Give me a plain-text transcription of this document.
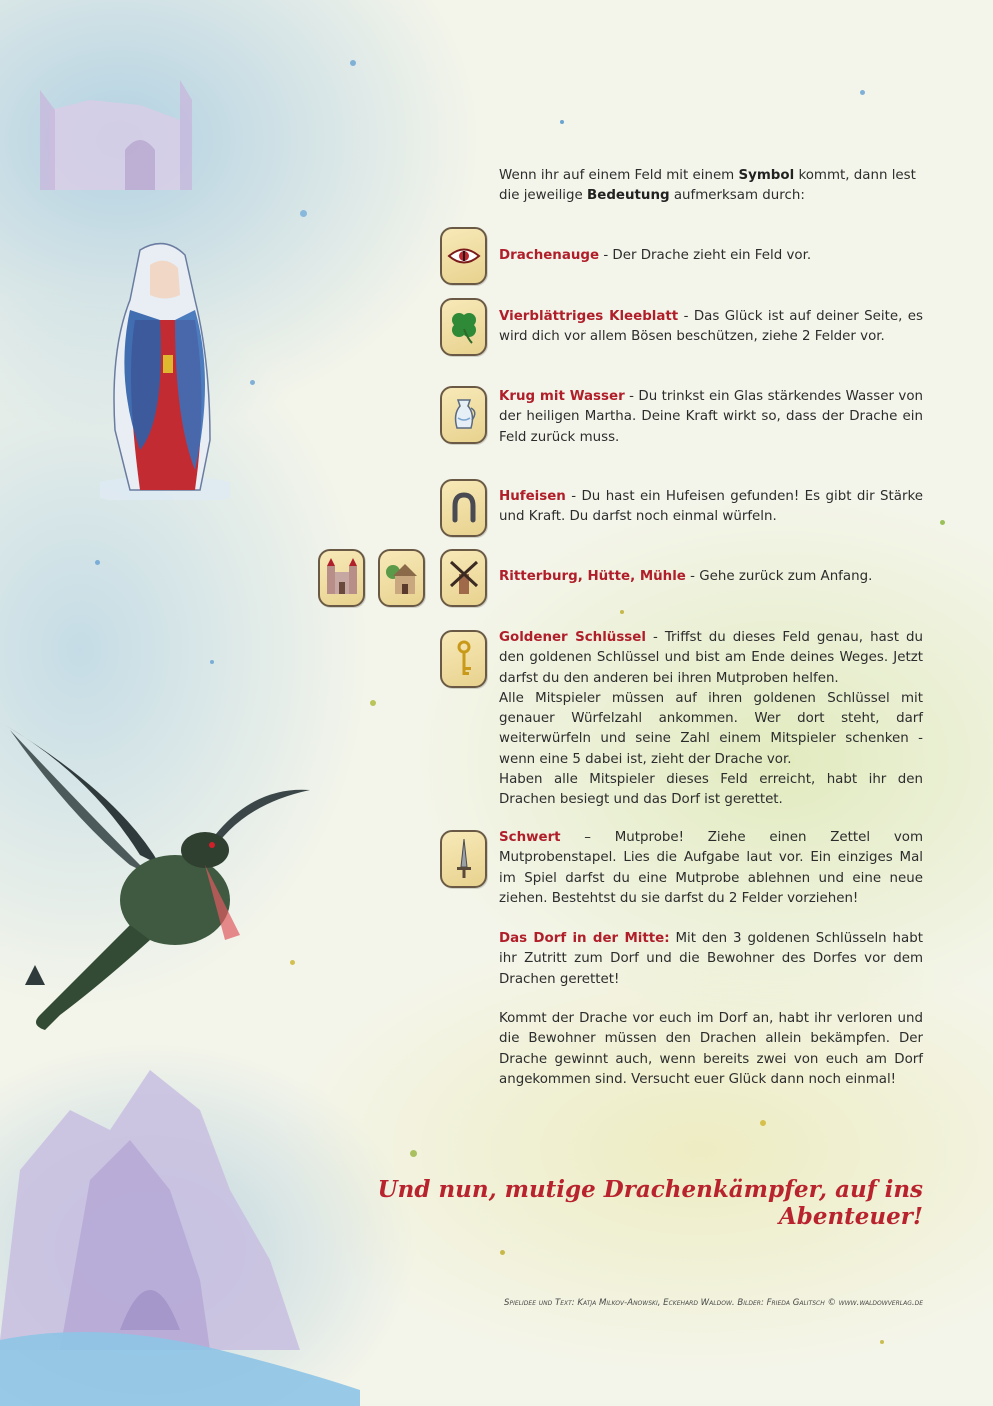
Wenn ihr auf einem Feld mit einem Symbol kommt, dann lest die jeweilige Bedeutung aufmerksam durch:
Drachenauge - Der Drache zieht ein Feld vor.
Vierblättriges Kleeblatt - Das Glück ist auf deiner Seite, es wird dich vor allem Bösen beschützen, ziehe 2 Felder vor.
Krug mit Wasser - Du trinkst ein Glas stärkendes Wasser von der heiligen Martha. Deine Kraft wirkt so, dass der Drache ein Feld zurück muss.
Hufeisen - Du hast ein Hufeisen gefunden! Es gibt dir Stärke und Kraft. Du darfst noch einmal würfeln.
Ritterburg, Hütte, Mühle - Gehe zurück zum Anfang.
Goldener Schlüssel - Triffst du dieses Feld genau, hast du den goldenen Schlüssel und bist am Ende deines Weges. Jetzt darfst du den anderen bei ihren Mutproben helfen.
Alle Mitspieler müssen auf ihren goldenen Schlüssel mit genauer Würfelzahl ankommen. Wer dort steht, darf weiterwürfeln und seine Zahl einem Mitspieler schenken - wenn eine 5 dabei ist, zieht der Drache vor.
Haben alle Mitspieler dieses Feld erreicht, habt ihr den Drachen besiegt und das Dorf ist gerettet.
Schwert – Mutprobe! Ziehe einen Zettel vom Mutprobenstapel. Lies die Aufgabe laut vor. Ein einziges Mal im Spiel darfst du eine Mutprobe ablehnen und eine neue ziehen. Bestehtst du sie darfst du 2 Felder vorziehen!
Das Dorf in der Mitte: Mit den 3 goldenen Schlüsseln habt ihr Zutritt zum Dorf und die Bewohner des Dorfes vor dem Drachen gerettet!
Kommt der Drache vor euch im Dorf an, habt ihr verloren und die Bewohner müssen den Drachen allein bekämpfen. Der Drache gewinnt auch, wenn bereits zwei von euch am Dorf angekommen sind. Versucht euer Glück dann noch einmal!
Und nun, mutige Drachenkämpfer, auf ins Abenteuer!
Spielidee und Text: Katja Milkov-Anowski, Eckehard Waldow. Bilder: Frieda Galitsch © www.waldowverlag.de
